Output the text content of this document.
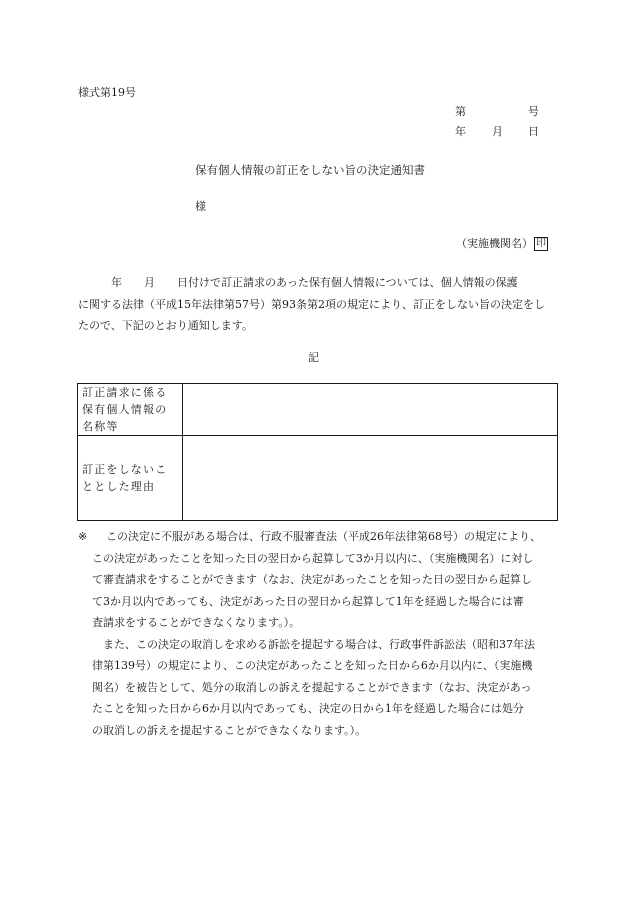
様式第19号
第	号
年 月 日
保有個人情報の訂正をしない旨の決定通知書
様
（実施機関名） 印
　　　年　　月　　日付けで訂正請求のあった保有個人情報については、個人情報の保護
に関する法律（平成15年法律第57号）第93条第2項の規定により、訂正をしない旨の決定をし
たので、下記のとおり通知します。
記
訂正請求に係る保有個人情報の名称等	
訂正をしないこととした理由	
※	この決定に不服がある場合は、行政不服審査法（平成26年法律第68号）の規定により、
この決定があったことを知った日の翌日から起算して3か月以内に、（実施機関名）に対し
て審査請求をすることができます（なお、決定があったことを知った日の翌日から起算し
て3か月以内であっても、決定があった日の翌日から起算して1年を経過した場合には審
査請求をすることができなくなります。）。
　また、この決定の取消しを求める訴訟を提起する場合は、行政事件訴訟法（昭和37年法
律第139号）の規定により、この決定があったことを知った日から6か月以内に、（実施機
関名）を被告として、処分の取消しの訴えを提起することができます（なお、決定があっ
たことを知った日から6か月以内であっても、決定の日から1年を経過した場合には処分
の取消しの訴えを提起することができなくなります。）。
